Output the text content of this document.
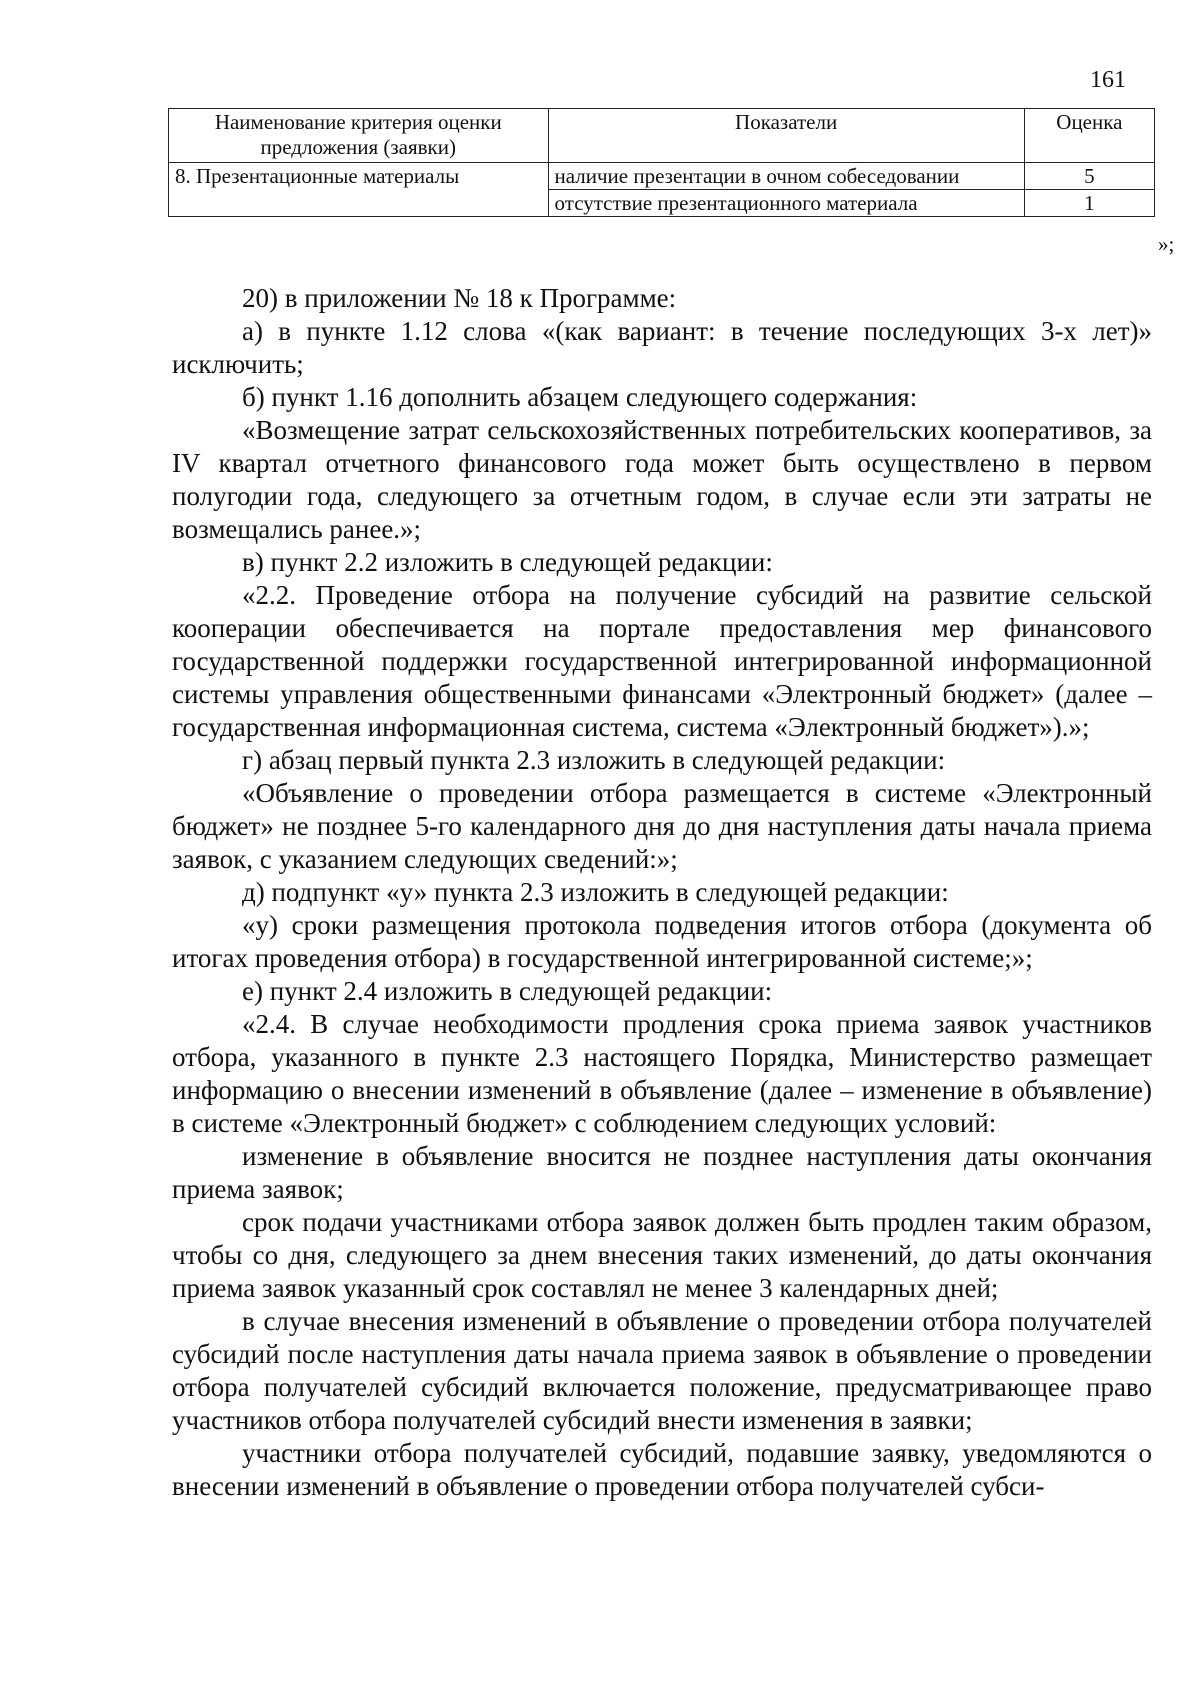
161
Наименование критерия оценки предложения (заявки)	Показатели	Оценка
8. Презентационные материалы	наличие презентации в очном собеседовании	5
	отсутствие презентационного материала	1
»;

20) в приложении № 18 к Программе:

а) в пункте 1.12 слова «(как вариант: в течение последующих 3-х лет)» исключить;

б) пункт 1.16 дополнить абзацем следующего содержания:

«Возмещение затрат сельскохозяйственных потребительских кооперативов, за IV квартал отчетного финансового года может быть осуществлено в первом полугодии года, следующего за отчетным годом, в случае если эти затраты не возмещались ранее.»;

в) пункт 2.2 изложить в следующей редакции:

«2.2. Проведение отбора на получение субсидий на развитие сельской кооперации обеспечивается на портале предоставления мер финансового государственной поддержки государственной интегрированной информационной системы управления общественными финансами «Электронный бюджет» (далее – государственная информационная система, система «Электронный бюджет»).»;

г) абзац первый пункта 2.3 изложить в следующей редакции:

«Объявление о проведении отбора размещается в системе «Электронный бюджет» не позднее 5-го календарного дня до дня наступления даты начала приема заявок, с указанием следующих сведений:»;

д) подпункт «у» пункта 2.3 изложить в следующей редакции:

«у) сроки размещения протокола подведения итогов отбора (документа об итогах проведения отбора) в государственной интегрированной системе;»;

е) пункт 2.4 изложить в следующей редакции:

«2.4. В случае необходимости продления срока приема заявок участников отбора, указанного в пункте 2.3 настоящего Порядка, Министерство размещает информацию о внесении изменений в объявление (далее – изменение в объявление) в системе «Электронный бюджет» с соблюдением следующих условий:

изменение в объявление вносится не позднее наступления даты окончания приема заявок;

срок подачи участниками отбора заявок должен быть продлен таким образом, чтобы со дня, следующего за днем внесения таких изменений, до даты окончания приема заявок указанный срок составлял не менее 3 календарных дней;

в случае внесения изменений в объявление о проведении отбора получателей субсидий после наступления даты начала приема заявок в объявление о проведении отбора получателей субсидий включается положение, предусматривающее право участников отбора получателей субсидий внести изменения в заявки;

участники отбора получателей субсидий, подавшие заявку, уведомляются о внесении изменений в объявление о проведении отбора получателей субси-
